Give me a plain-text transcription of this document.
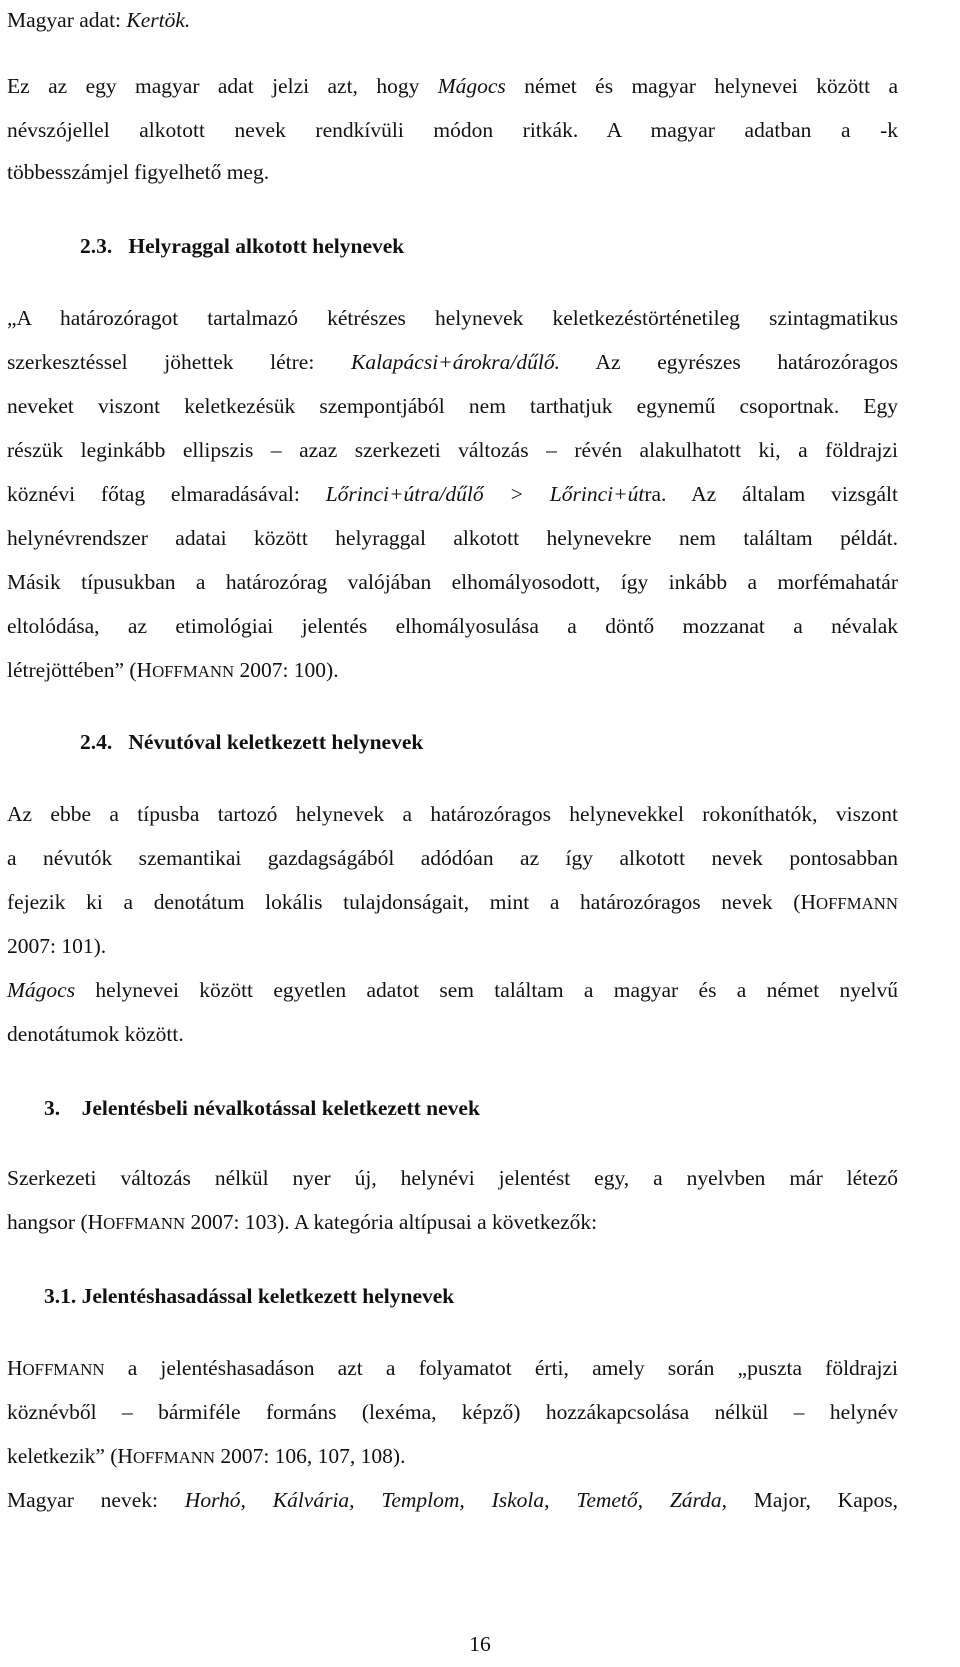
Magyar adat: Kertök.
Ez az egy magyar adat jelzi azt, hogy Mágocs német és magyar helynevei között a
névszójellel alkotott nevek rendkívüli módon ritkák. A magyar adatban a -k
többesszámjel figyelhető meg.
2.3.   Helyraggal alkotott helynevek
„A határozóragot tartalmazó kétrészes helynevek keletkezéstörténetileg szintagmatikus
szerkesztéssel jöhettek létre: Kalapácsi+árokra/dűlő. Az egyrészes határozóragos
neveket viszont keletkezésük szempontjából nem tarthatjuk egynemű csoportnak. Egy
részük leginkább ellipszis – azaz szerkezeti változás – révén alakulhatott ki, a földrajzi
köznévi főtag elmaradásával: Lőrinci+útra/dűlő > Lőrinci+útra. Az általam vizsgált
helynévrendszer adatai között helyraggal alkotott helynevekre nem találtam példát.
Másik típusukban a határozórag valójában elhomályosodott, így inkább a morfémahatár
eltolódása, az etimológiai jelentés elhomályosulása a döntő mozzanat a névalak
létrejöttében” (HOFFMANN 2007: 100).
2.4.   Névutóval keletkezett helynevek
Az ebbe a típusba tartozó helynevek a határozóragos helynevekkel rokoníthatók, viszont
a névutók szemantikai gazdagságából adódóan az így alkotott nevek pontosabban
fejezik ki a denotátum lokális tulajdonságait, mint a határozóragos nevek (HOFFMANN
2007: 101).
Mágocs helynevei között egyetlen adatot sem találtam a magyar és a német nyelvű
denotátumok között.
3.    Jelentésbeli névalkotással keletkezett nevek
Szerkezeti változás nélkül nyer új, helynévi jelentést egy, a nyelvben már létező
hangsor (HOFFMANN 2007: 103). A kategória altípusai a következők:
3.1. Jelentéshasadással keletkezett helynevek
HOFFMANN a jelentéshasadáson azt a folyamatot érti, amely során „puszta földrajzi
köznévből – bármiféle formáns (lexéma, képző) hozzákapcsolása nélkül – helynév
keletkezik” (HOFFMANN 2007: 106, 107, 108).
Magyar nevek: Horhó, Kálvária, Templom, Iskola, Temető, Zárda, Major, Kapos,
16
